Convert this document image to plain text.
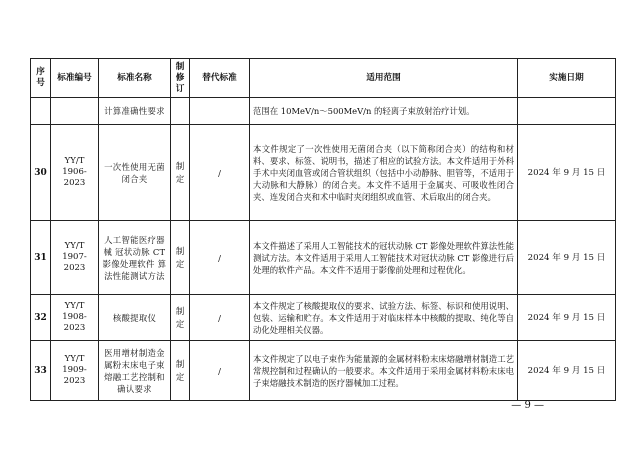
序号	标准编号	标准名称	制修订	替代标准	适用范围	实施日期
		计算准确性要求			范围在 10MeV/n～500MeV/n 的轻离子束放射治疗计划。	
30	YY/T 1906-2023	一次性使用无菌闭合夹	制定	/	本文件规定了一次性使用无菌闭合夹（以下简称闭合夹）的结构和材料、要求、标签、说明书，描述了相应的试验方法。本文件适用于外科手术中夹闭血管或闭合管状组织（包括中小动静脉、胆管等，不适用于大动脉和大静脉）的闭合夹。本文件不适用于金属夹、可吸收性闭合夹、连发闭合夹和术中临时夹闭组织或血管、术后取出的闭合夹。	2024 年 9 月 15 日
31	YY/T 1907-2023	人工智能医疗器械 冠状动脉 CT 影像处理软件 算法性能测试方法	制定	/	本文件描述了采用人工智能技术的冠状动脉 CT 影像处理软件算法性能测试方法。本文件适用于采用人工智能技术对冠状动脉 CT 影像进行后处理的软件产品。本文件不适用于影像前处理和过程优化。	2024 年 9 月 15 日
32	YY/T 1908-2023	核酸提取仪	制定	/	本文件规定了核酸提取仪的要求、试验方法、标签、标识和使用说明、包装、运输和贮存。本文件适用于对临床样本中核酸的提取、纯化等自动化处理相关仪器。	2024 年 9 月 15 日
33	YY/T 1909-2023	医用增材制造金属粉末床电子束熔融工艺控制和确认要求	制定	/	本文件规定了以电子束作为能量源的金属材料粉末床熔融增材制造工艺常规控制和过程确认的一般要求。本文件适用于采用金属材料粉末床电子束熔融技术制造的医疗器械加工过程。	2024 年 9 月 15 日
— 9 —
